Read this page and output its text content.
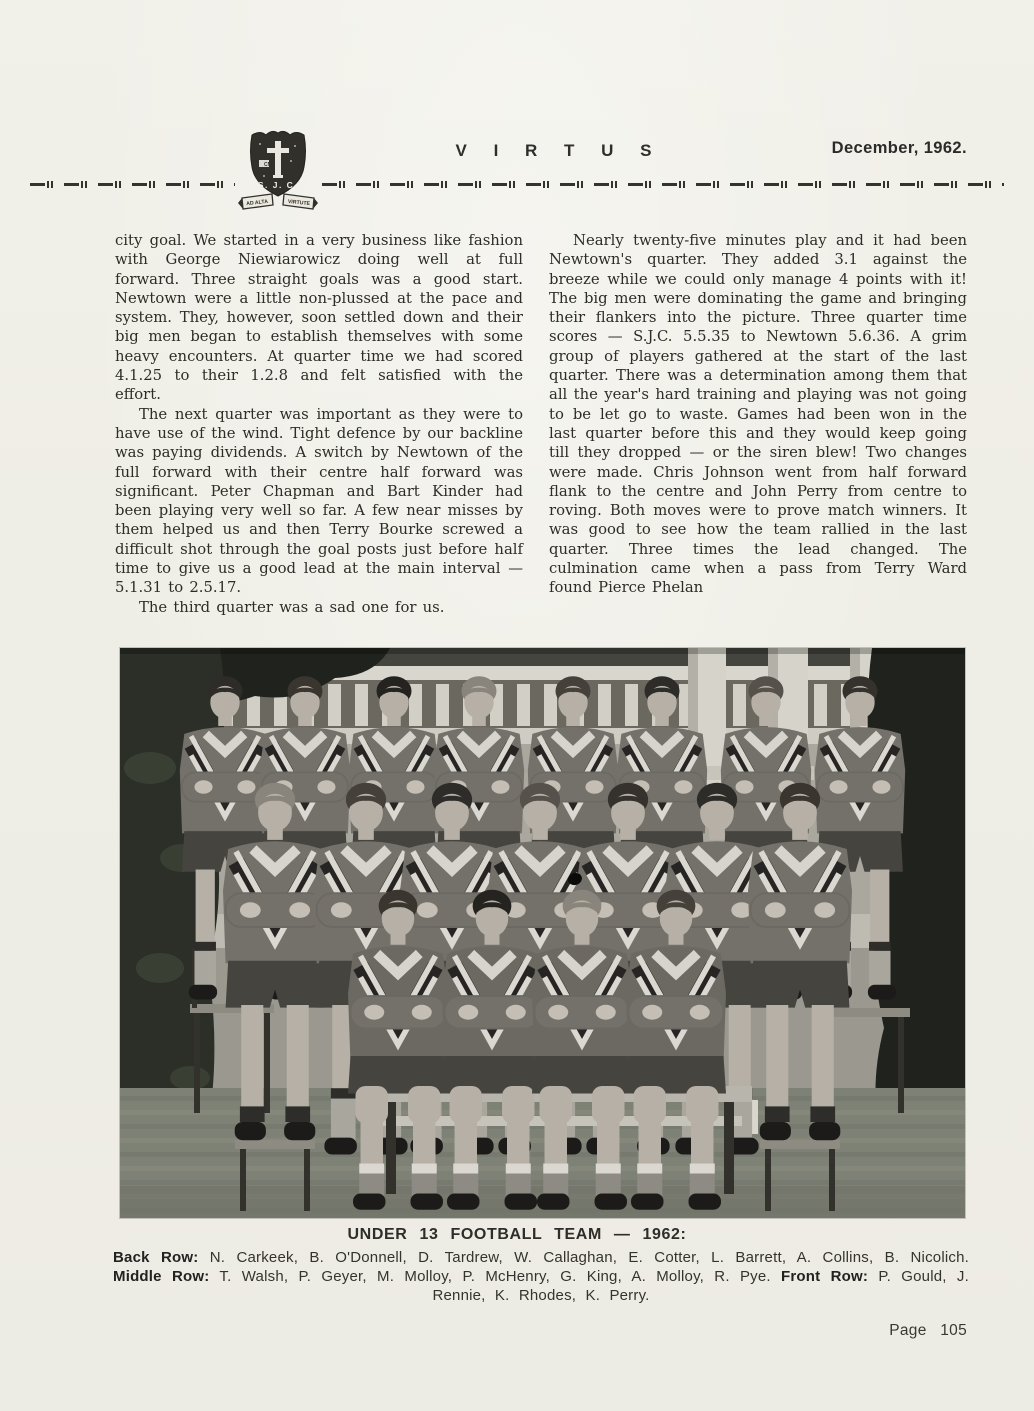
CNF
S. J. C.
AD ALTA	VIRTUTE
V I R T U S	December, 1962.

city goal. We started in a very business like fashion with George Niewiarowicz doing well at full forward. Three straight goals was a good start. Newtown were a little non-plussed at the pace and system. They, however, soon settled down and their big men began to establish themselves with some heavy encounters. At quarter time we had scored 4.1.25 to their 1.2.8 and felt satisfied with the effort.

The next quarter was important as they were to have use of the wind. Tight defence by our backline was paying dividends. A switch by Newtown of the full forward with their centre half forward was significant. Peter Chapman and Bart Kinder had been playing very well so far. A few near misses by them helped us and then Terry Bourke screwed a difficult shot through the goal posts just before half time to give us a good lead at the main interval — 5.1.31 to 2.5.17.

The third quarter was a sad one for us.

Nearly twenty-five minutes play and it had been Newtown's quarter. They added 3.1 against the breeze while we could only manage 4 points with it! The big men were dominating the game and bringing their flankers into the picture. Three quarter time scores — S.J.C. 5.5.35 to Newtown 5.6.36. A grim group of players gathered at the start of the last quarter. There was a determination among them that all the year's hard training and playing was not going to be let go to waste. Games had been won in the last quarter before this and they would keep going till they dropped — or the siren blew! Two changes were made. Chris Johnson went from half forward flank to the centre and John Perry from centre to roving. Both moves were to prove match winners. It was good to see how the team rallied in the last quarter. Three times the lead changed. The culmination came when a pass from Terry Ward found Pierce Phelan

UNDER 13 FOOTBALL TEAM — 1962:

Back Row: N. Carkeek, B. O'Donnell, D. Tardrew, W. Callaghan, E. Cotter, L. Barrett, A. Collins, B. Nicolich. Middle Row: T. Walsh, P. Geyer, M. Molloy, P. McHenry, G. King, A. Molloy, R. Pye. Front Row: P. Gould, J. Rennie, K. Rhodes, K. Perry.

Page 105
